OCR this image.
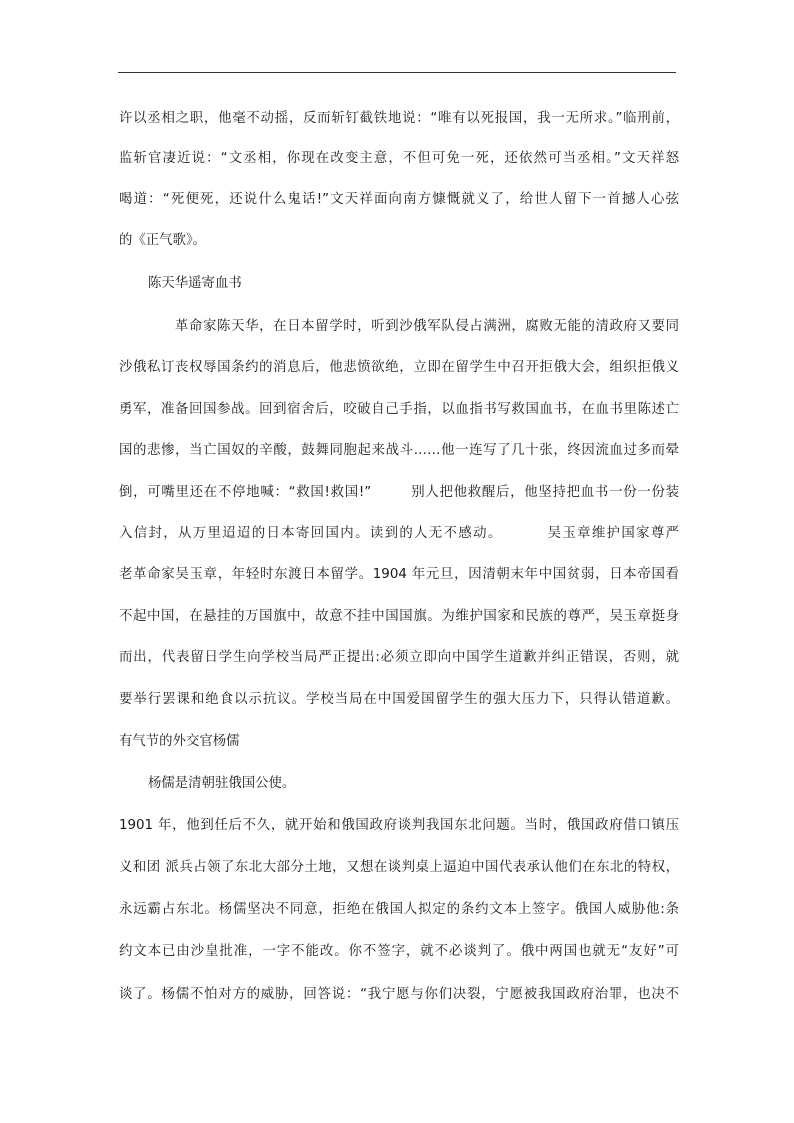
许以丞相之职，他毫不动摇，反而斩钉截铁地说：“唯有以死报国，我一无所求。”临刑前，
监斩官凄近说：“文丞相，你现在改变主意，不但可免一死，还依然可当丞相。”文天祥怒
喝道：“死便死，还说什么鬼话!”文天祥面向南方慷慨就义了，给世人留下一首撼人心弦
的《正气歌》。
陈天华遥寄血书
革命家陈天华，在日本留学时，听到沙俄军队侵占满洲，腐败无能的清政府又要同
沙俄私订丧权辱国条约的消息后，他悲愤欲绝，立即在留学生中召开拒俄大会，组织拒俄义
勇军，准备回国参战。回到宿舍后，咬破自己手指，以血指书写救国血书，在血书里陈述亡
国的悲惨，当亡国奴的辛酸，鼓舞同胞起来战斗……他一连写了几十张，终因流血过多而晕
倒，可嘴里还在不停地喊：“救国!救国!”        别人把他救醒后，他坚持把血书一份一份装
入信封，从万里迢迢的日本寄回国内。读到的人无不感动。        吴玉章维护国家尊严
老革命家吴玉章，年轻时东渡日本留学。1904 年元旦，因清朝末年中国贫弱，日本帝国看
不起中国，在悬挂的万国旗中，故意不挂中国国旗。为维护国家和民族的尊严，吴玉章挺身
而出，代表留日学生向学校当局严正提出:必须立即向中国学生道歉并纠正错误，否则，就
要举行罢课和绝食以示抗议。学校当局在中国爱国留学生的强大压力下，只得认错道歉。
有气节的外交官杨儒
杨儒是清朝驻俄国公使。
1901 年，他到任后不久，就开始和俄国政府谈判我国东北问题。当时，俄国政府借口镇压
义和团 派兵占领了东北大部分土地，又想在谈判桌上逼迫中国代表承认他们在东北的特权，
永远霸占东北。杨儒坚决不同意，拒绝在俄国人拟定的条约文本上签字。俄国人威胁他:条
约文本已由沙皇批准，一字不能改。你不签字，就不必谈判了。俄中两国也就无“友好”可
谈了。杨儒不怕对方的威胁，回答说：“我宁愿与你们决裂，宁愿被我国政府治罪，也决不
